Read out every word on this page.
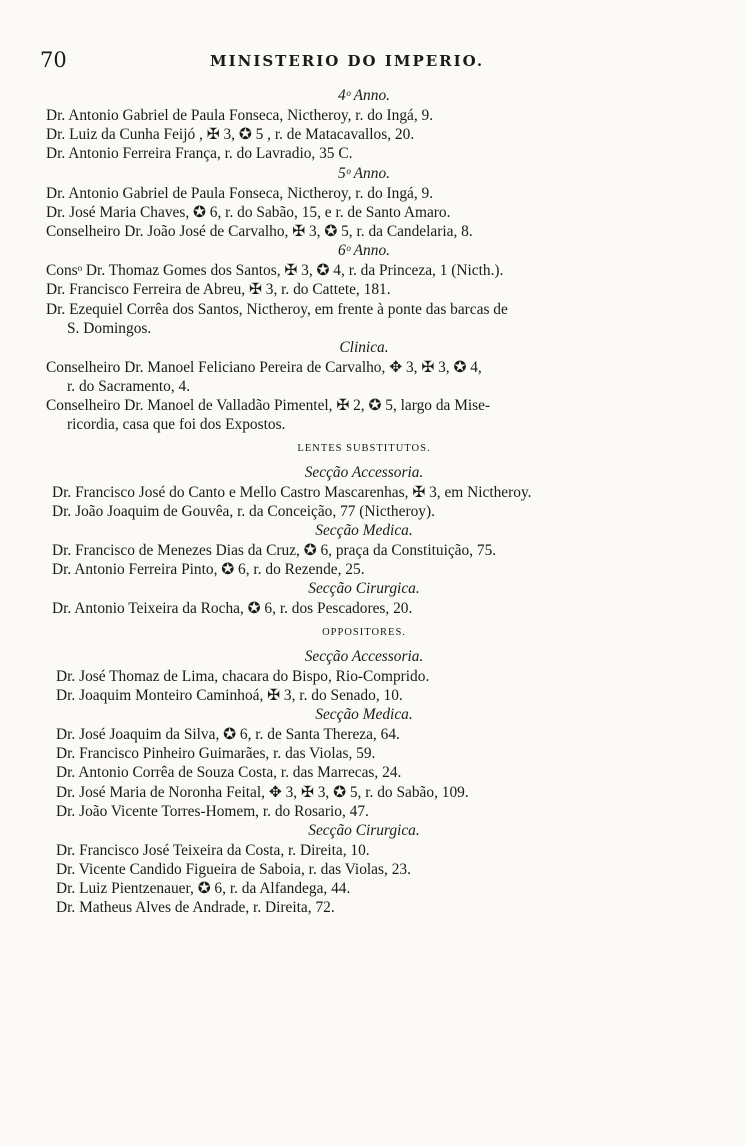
70	MINISTERIO DO IMPERIO.
4ᵒ Anno.
Dr. Antonio Gabriel de Paula Fonseca, Nictheroy, r. do Ingá, 9.
Dr. Luiz da Cunha Feijó , ✠ 3, ✪ 5 , r. de Matacavallos, 20.
Dr. Antonio Ferreira França, r. do Lavradio, 35 C.
5ᵒ Anno.
Dr. Antonio Gabriel de Paula Fonseca, Nictheroy, r. do Ingá, 9.
Dr. José Maria Chaves, ✪ 6, r. do Sabão, 15, e r. de Santo Amaro.
Conselheiro Dr. João José de Carvalho, ✠ 3, ✪ 5, r. da Candelaria, 8.
6ᵒ Anno.
Consᵒ Dr. Thomaz Gomes dos Santos, ✠ 3, ✪ 4, r. da Princeza, 1 (Nicth.).
Dr. Francisco Ferreira de Abreu, ✠ 3, r. do Cattete, 181.
Dr. Ezequiel Corrêa dos Santos, Nictheroy, em frente à ponte das barcas de
S. Domingos.
Clinica.
Conselheiro Dr. Manoel Feliciano Pereira de Carvalho, ✥ 3, ✠ 3, ✪ 4,
r. do Sacramento, 4.
Conselheiro Dr. Manoel de Valladão Pimentel, ✠ 2, ✪ 5, largo da Mise-
ricordia, casa que foi dos Expostos.
LENTES SUBSTITUTOS.
Secção Accessoria.
Dr. Francisco José do Canto e Mello Castro Mascarenhas, ✠ 3, em Nictheroy.
Dr. João Joaquim de Gouvêa, r. da Conceição, 77 (Nictheroy).
Secção Medica.
Dr. Francisco de Menezes Dias da Cruz, ✪ 6, praça da Constituição, 75.
Dr. Antonio Ferreira Pinto, ✪ 6, r. do Rezende, 25.
Secção Cirurgica.
Dr. Antonio Teixeira da Rocha, ✪ 6, r. dos Pescadores, 20.
OPPOSITORES.
Secção Accessoria.
Dr. José Thomaz de Lima, chacara do Bispo, Rio-Comprido.
Dr. Joaquim Monteiro Caminhoá, ✠ 3, r. do Senado, 10.
Secção Medica.
Dr. José Joaquim da Silva, ✪ 6, r. de Santa Thereza, 64.
Dr. Francisco Pinheiro Guimarães, r. das Violas, 59.
Dr. Antonio Corrêa de Souza Costa, r. das Marrecas, 24.
Dr. José Maria de Noronha Feital, ✥ 3, ✠ 3, ✪ 5, r. do Sabão, 109.
Dr. João Vicente Torres-Homem, r. do Rosario, 47.
Secção Cirurgica.
Dr. Francisco José Teixeira da Costa, r. Direita, 10.
Dr. Vicente Candido Figueira de Saboia, r. das Violas, 23.
Dr. Luiz Pientzenauer, ✪ 6, r. da Alfandega, 44.
Dr. Matheus Alves de Andrade, r. Direita, 72.
